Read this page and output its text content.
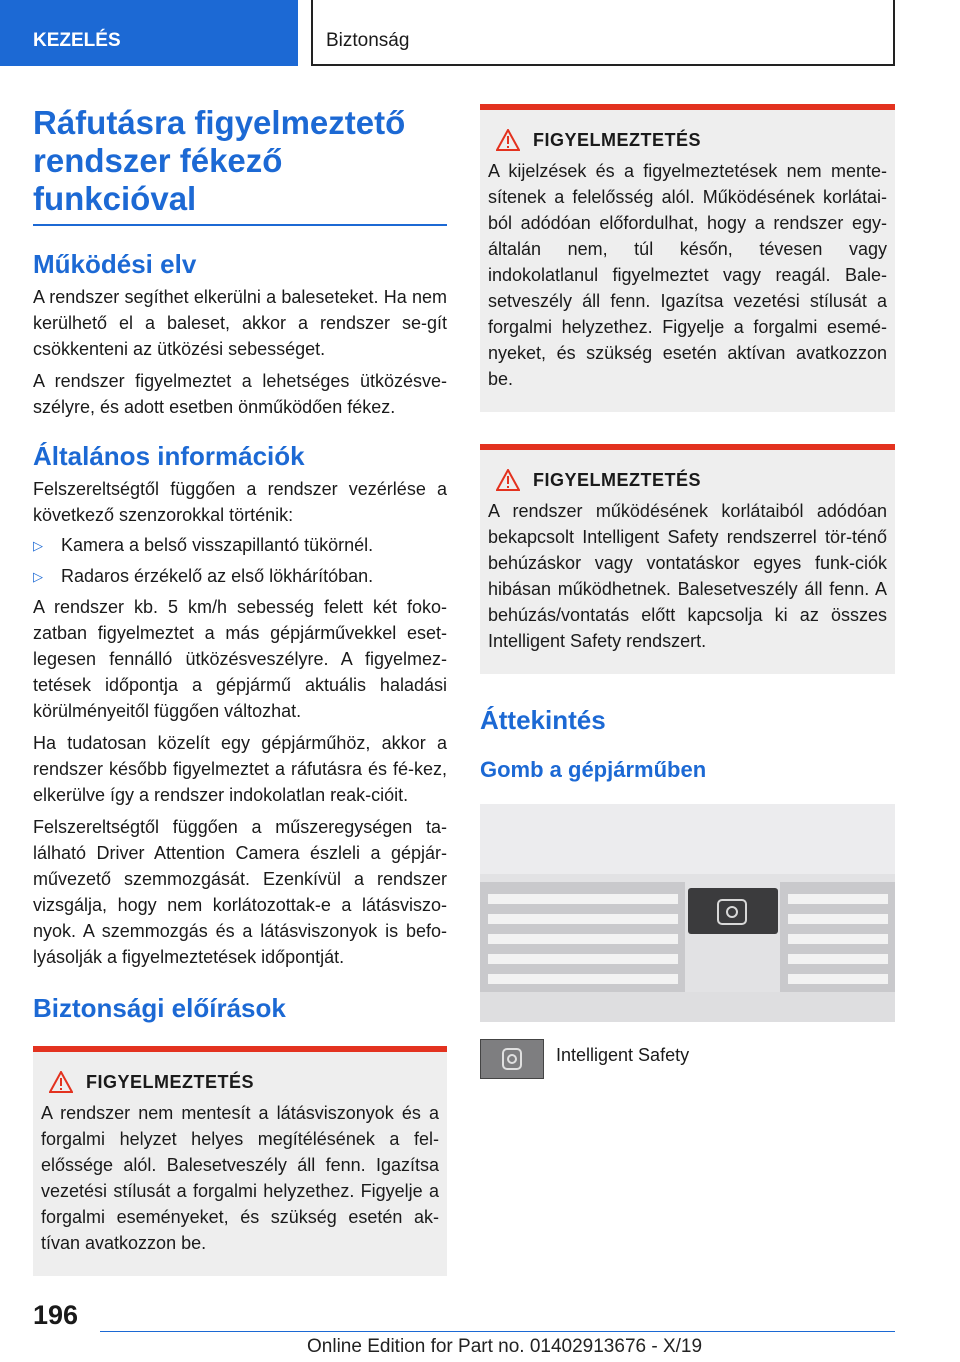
KEZELÉS	Biztonság
Ráfutásra figyelmeztető rendszer fékező funkcióval
Működési elv

A rendszer segíthet elkerülni a baleseteket. Ha nem kerülhető el a baleset, akkor a rendszer se-gít csökkenteni az ütközési sebességet.

A rendszer figyelmeztet a lehetséges ütközésve-szélyre, és adott esetben önműködően fékez.

Általános információk

Felszereltségtől függően a rendszer vezérlése a következő szenzorokkal történik:

▷	Kamera a belső visszapillantó tükörnél.
▷	Radaros érzékelő az első lökhárítóban.

A rendszer kb. 5 km/h sebesség felett két foko-zatban figyelmeztet a más gépjárművekkel eset-legesen fennálló ütközésveszélyre. A figyelmez-tetések időpontja a gépjármű aktuális haladási körülményeitől függően változhat.

Ha tudatosan közelít egy gépjárműhöz, akkor a rendszer később figyelmeztet a ráfutásra és fé-kez, elkerülve így a rendszer indokolatlan reak-cióit.

Felszereltségtől függően a műszeregységen ta-lálható Driver Attention Camera észleli a gépjár-művezető szemmozgását. Ezenkívül a rendszer vizsgálja, hogy nem korlátozottak-e a látásviszo-nyok. A szemmozgás és a látásviszonyok is befo-lyásolják a figyelmeztetések időpontját.

Biztonsági előírások
FIGYELMEZTETÉS

A rendszer nem mentesít a látásviszonyok és a forgalmi helyzet helyes megítélésének a fel-előssége alól. Balesetveszély áll fenn. Igazítsa vezetési stílusát a forgalmi helyzethez. Figyelje a forgalmi eseményeket, és szükség esetén ak-tívan avatkozzon be.

FIGYELMEZTETÉS

A kijelzések és a figyelmeztetések nem mente-sítenek a felelősség alól. Működésének korlátai-ból adódóan előfordulhat, hogy a rendszer egy-általán nem, túl későn, tévesen vagy indokolatlanul figyelmeztet vagy reagál. Bale-setveszély áll fenn. Igazítsa vezetési stílusát a forgalmi helyzethez. Figyelje a forgalmi esemé-nyeket, és szükség esetén aktívan avatkozzon be.

FIGYELMEZTETÉS

A rendszer működésének korlátaiból adódóan bekapcsolt Intelligent Safety rendszerrel tör-ténő behúzáskor vagy vontatáskor egyes funk-ciók hibásan működhetnek. Balesetveszély áll fenn. A behúzás/vontatás előtt kapcsolja ki az összes Intelligent Safety rendszert.

Áttekintés
Gomb a gépjárműben
Intelligent Safety
196
Online Edition for Part no. 01402913676 - X/19
